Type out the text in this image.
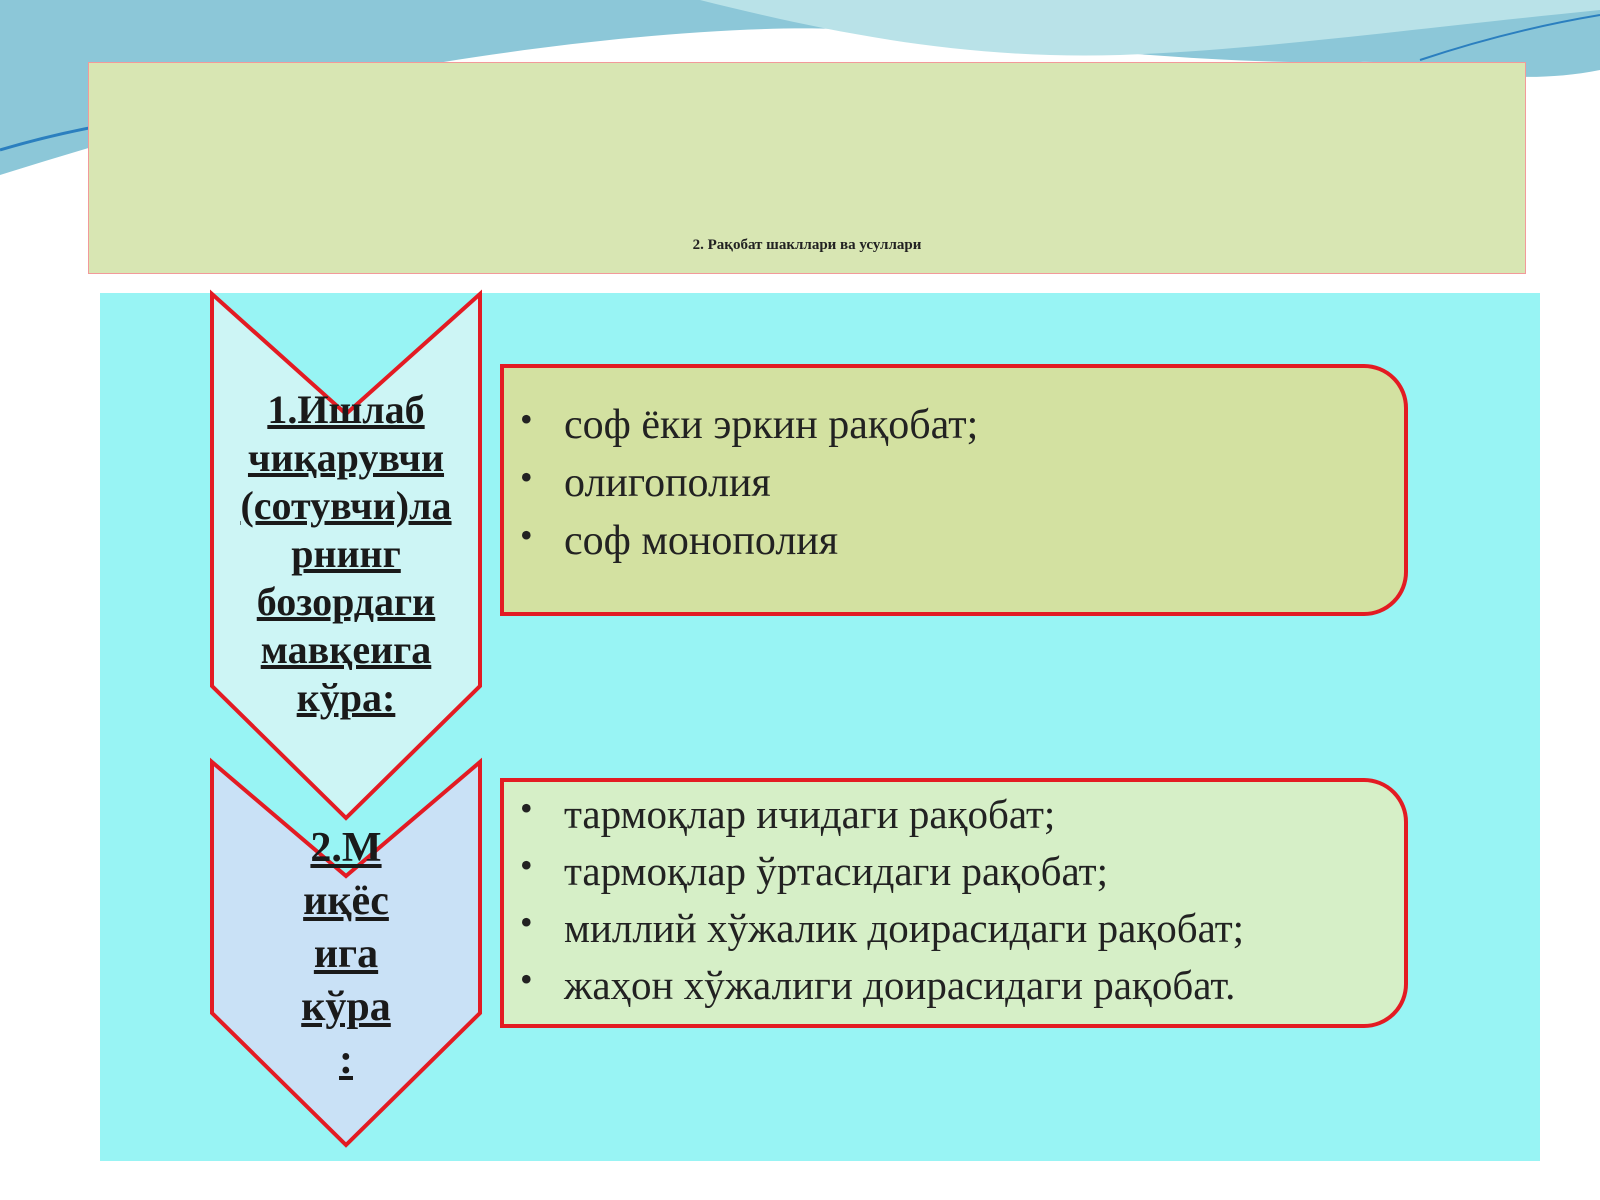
2. Рақобат шакллари ва усуллари
1.Ишлаб
чиқарувчи
(сотувчи)ла
рнинг
бозордаги
мавқеига
кўра:
2.М
иқёс
ига
кўра
:
• соф ёки эркин рақобат;
• олигополия
• соф монополия
• тармоқлар ичидаги рақобат;
• тармоқлар ўртасидаги рақобат;
• миллий хўжалик доирасидаги рақобат;
• жаҳон хўжалиги доирасидаги рақобат.
